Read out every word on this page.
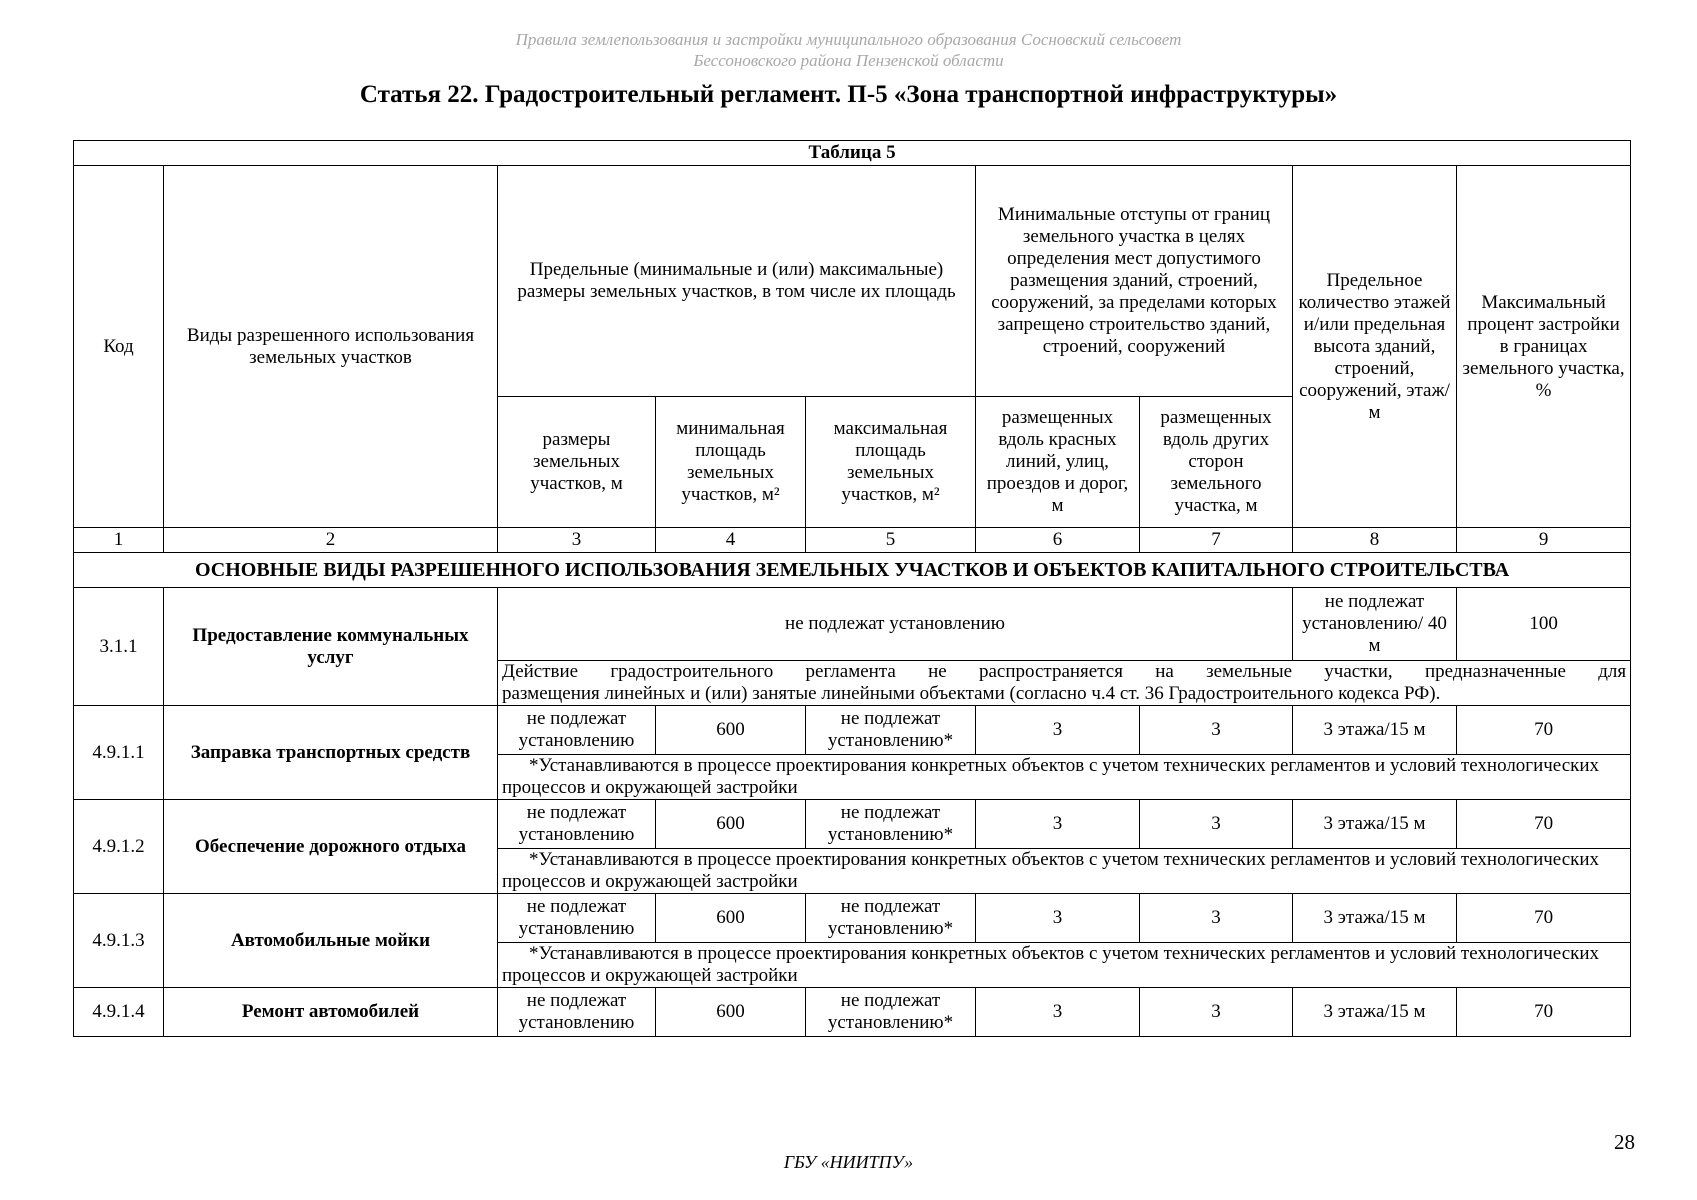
Правила землепользования и застройки муниципального образования Сосновский сельсовет
Бессоновского района Пензенской области
Статья 22. Градостроительный регламент. П-5 «Зона транспортной инфраструктуры»
Таблица 5								
Код	Виды разрешенного использования земельных участков	Предельные (минимальные и (или) максимальные) размеры земельных участков, в том числе их площадь			Минимальные отступы от границ земельного участка в целях определения мест допустимого размещения зданий, строений, сооружений, за пределами которых запрещено строительство зданий, строений, сооружений		Предельное количество этажей и/или предельная высота зданий, строений, сооружений, этаж/м	Максимальный процент застройки в границах земельного участка, %
		размеры земельных участков, м	минимальная площадь земельных участков, м²	максимальная площадь земельных участков, м²	размещенных вдоль красных линий, улиц, проездов и дорог, м	размещенных вдоль других сторон земельного участка, м		
1	2	3	4	5	6	7	8	9
ОСНОВНЫЕ ВИДЫ РАЗРЕШЕННОГО ИСПОЛЬЗОВАНИЯ ЗЕМЕЛЬНЫХ УЧАСТКОВ И ОБЪЕКТОВ КАПИТАЛЬНОГО СТРОИТЕЛЬСТВА								
3.1.1	Предоставление коммунальных услуг	не подлежат установлению					не подлежат установлению/ 40 м	100

		Действие градостроительного регламента не распространяется на земельные участки, предназначенные для
размещения линейных и (или) занятые линейными объектами (согласно ч.4 ст. 36 Градостроительного кодекса РФ).						

4.9.1.1	Заправка транспортных средств	не подлежат установлению	600	не подлежат установлению*	3	3	3 этажа/15 м	70
		*Устанавливаются в процессе проектирования конкретных объектов с учетом технических регламентов и условий технологических процессов и окружающей застройки						
4.9.1.2	Обеспечение дорожного отдыха	не подлежат установлению	600	не подлежат установлению*	3	3	3 этажа/15 м	70
		*Устанавливаются в процессе проектирования конкретных объектов с учетом технических регламентов и условий технологических процессов и окружающей застройки						
4.9.1.3	Автомобильные мойки	не подлежат установлению	600	не подлежат установлению*	3	3	3 этажа/15 м	70
		*Устанавливаются в процессе проектирования конкретных объектов с учетом технических регламентов и условий технологических процессов и окружающей застройки						
4.9.1.4	Ремонт автомобилей	не подлежат установлению	600	не подлежат установлению*	3	3	3 этажа/15 м	70
28
ГБУ «НИИТПУ»
